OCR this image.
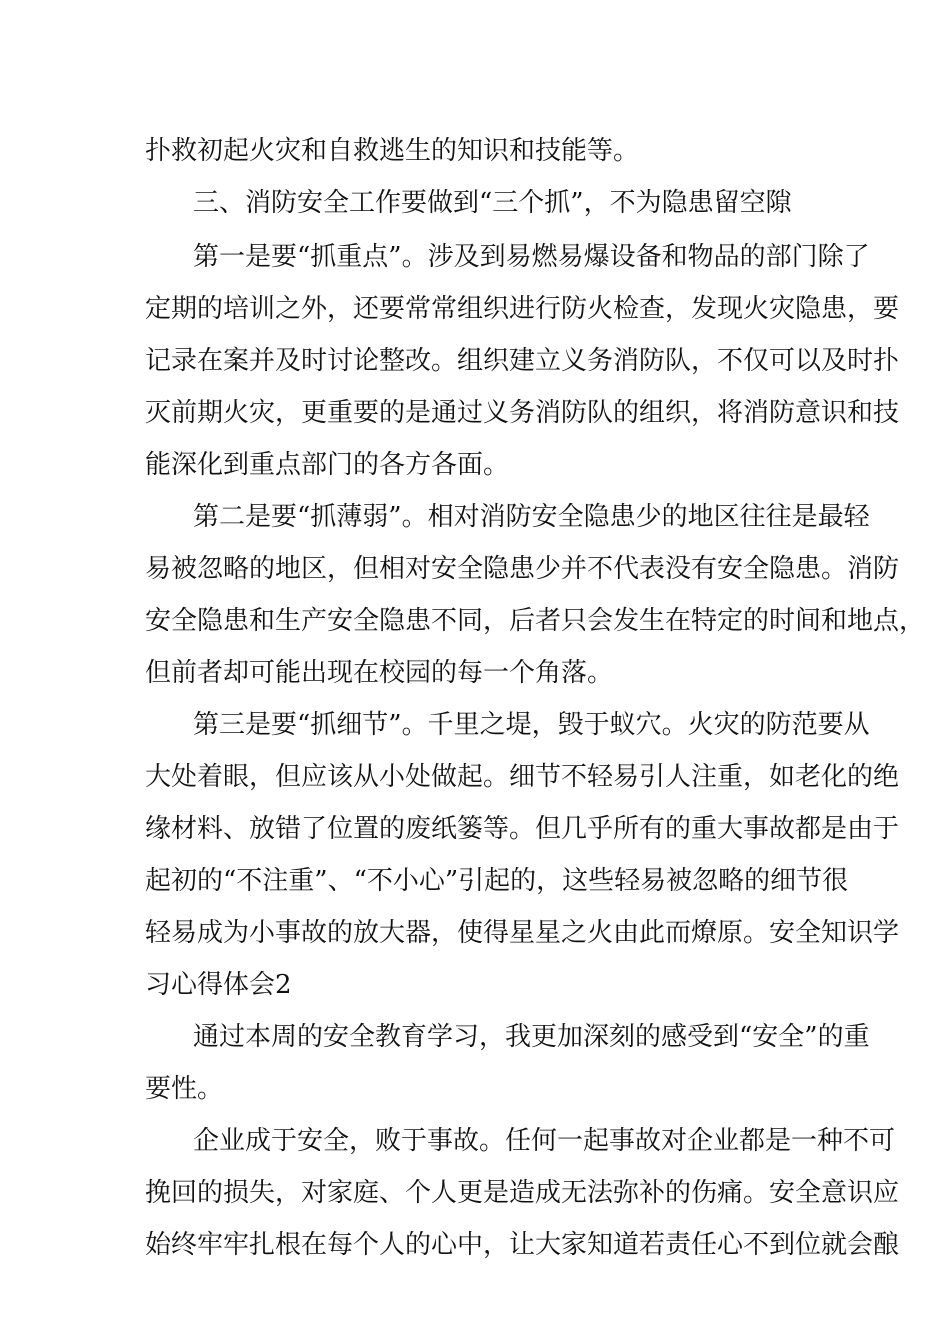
扑救初起火灾和自救逃生的知识和技能等。

三、消防安全工作要做到“三个抓”，不为隐患留空隙

第一是要“抓重点”。涉及到易燃易爆设备和物品的部门除了

定期的培训之外，还要常常组织进行防火检查，发现火灾隐患，要

记录在案并及时讨论整改。组织建立义务消防队，不仅可以及时扑

灭前期火灾，更重要的是通过义务消防队的组织，将消防意识和技

能深化到重点部门的各方各面。

第二是要“抓薄弱”。相对消防安全隐患少的地区往往是最轻

易被忽略的地区，但相对安全隐患少并不代表没有安全隐患。消防

安全隐患和生产安全隐患不同，后者只会发生在特定的时间和地点，

但前者却可能出现在校园的每一个角落。

第三是要“抓细节”。千里之堤，毁于蚁穴。火灾的防范要从

大处着眼，但应该从小处做起。细节不轻易引人注重，如老化的绝

缘材料、放错了位置的废纸篓等。但几乎所有的重大事故都是由于

起初的“不注重”、“不小心”引起的，这些轻易被忽略的细节很

轻易成为小事故的放大器，使得星星之火由此而燎原。安全知识学

习心得体会2

通过本周的安全教育学习，我更加深刻的感受到“安全”的重

要性。

企业成于安全，败于事故。任何一起事故对企业都是一种不可

挽回的损失，对家庭、个人更是造成无法弥补的伤痛。安全意识应

始终牢牢扎根在每个人的心中，让大家知道若责任心不到位就会酿
